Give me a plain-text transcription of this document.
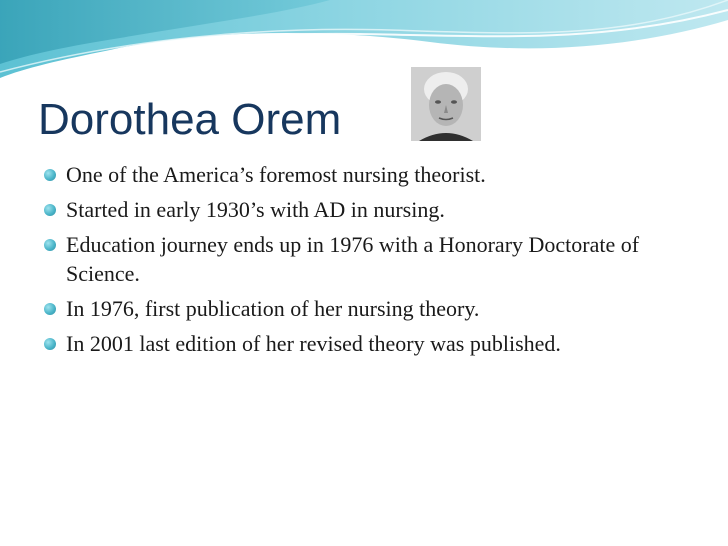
Dorothea Orem
One of the America’s foremost nursing theorist.
Started in early 1930’s with AD in nursing.
Education journey ends up in 1976 with a Honorary Doctorate of Science.
In 1976, first publication of her nursing theory.
In 2001 last edition of her revised theory was published.
